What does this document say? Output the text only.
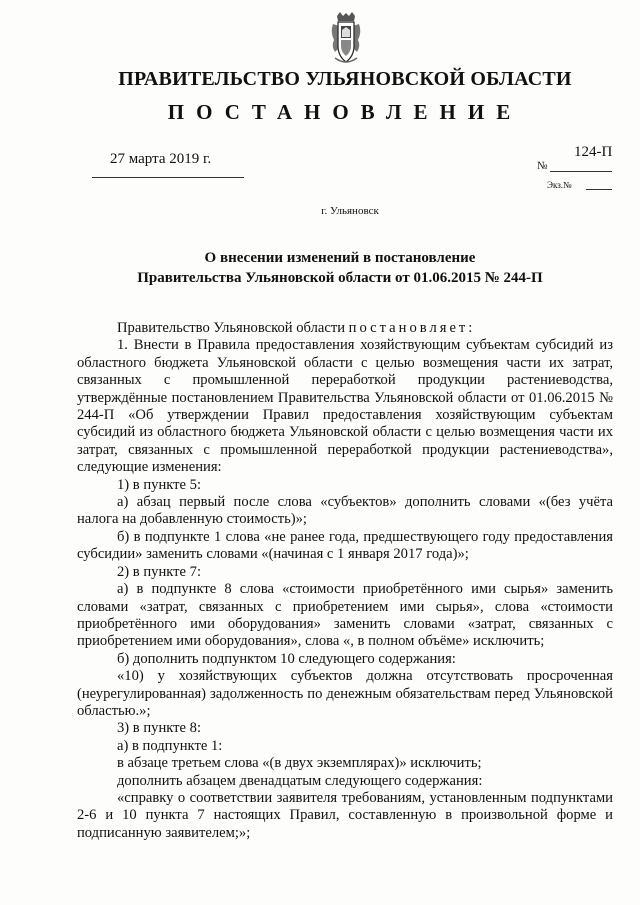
ПРАВИТЕЛЬСТВО УЛЬЯНОВСКОЙ ОБЛАСТИ
ПОСТАНОВЛЕНИЕ
27 марта 2019 г.	124-П
№
Экз.№
г. Ульяновск
О внесении изменений в постановление
Правительства Ульяновской области от 01.06.2015 № 244-П

Правительство Ульяновской области постановляет:

1. Внести в Правила предоставления хозяйствующим субъектам субсидий из областного бюджета Ульяновской области с целью возмещения части их затрат, связанных с промышленной переработкой продукции растениеводства, утверждённые постановлением Правительства Ульяновской области от 01.06.2015 № 244-П «Об утверждении Правил предоставления хозяйствующим субъектам субсидий из областного бюджета Ульяновской области с целью возмещения части их затрат, связанных с промышленной переработкой продукции растениеводства», следующие изменения:

1) в пункте 5:

а) абзац первый после слова «субъектов» дополнить словами «(без учёта налога на добавленную стоимость)»;

б) в подпункте 1 слова «не ранее года, предшествующего году предоставления субсидии» заменить словами «(начиная с 1 января 2017 года)»;

2) в пункте 7:

а) в подпункте 8 слова «стоимости приобретённого ими сырья» заменить словами «затрат, связанных с приобретением ими сырья», слова «стоимости приобретённого ими оборудования» заменить словами «затрат, связанных с приобретением ими оборудования», слова «, в полном объёме» исключить;

б) дополнить подпунктом 10 следующего содержания:

«10) у хозяйствующих субъектов должна отсутствовать просроченная (неурегулированная) задолженность по денежным обязательствам перед Ульяновской областью.»;

3) в пункте 8:

а) в подпункте 1:

в абзаце третьем слова «(в двух экземплярах)» исключить;

дополнить абзацем двенадцатым следующего содержания:

«справку о соответствии заявителя требованиям, установленным подпунктами 2-6 и 10 пункта 7 настоящих Правил, составленную в произвольной форме и подписанную заявителем;»;
